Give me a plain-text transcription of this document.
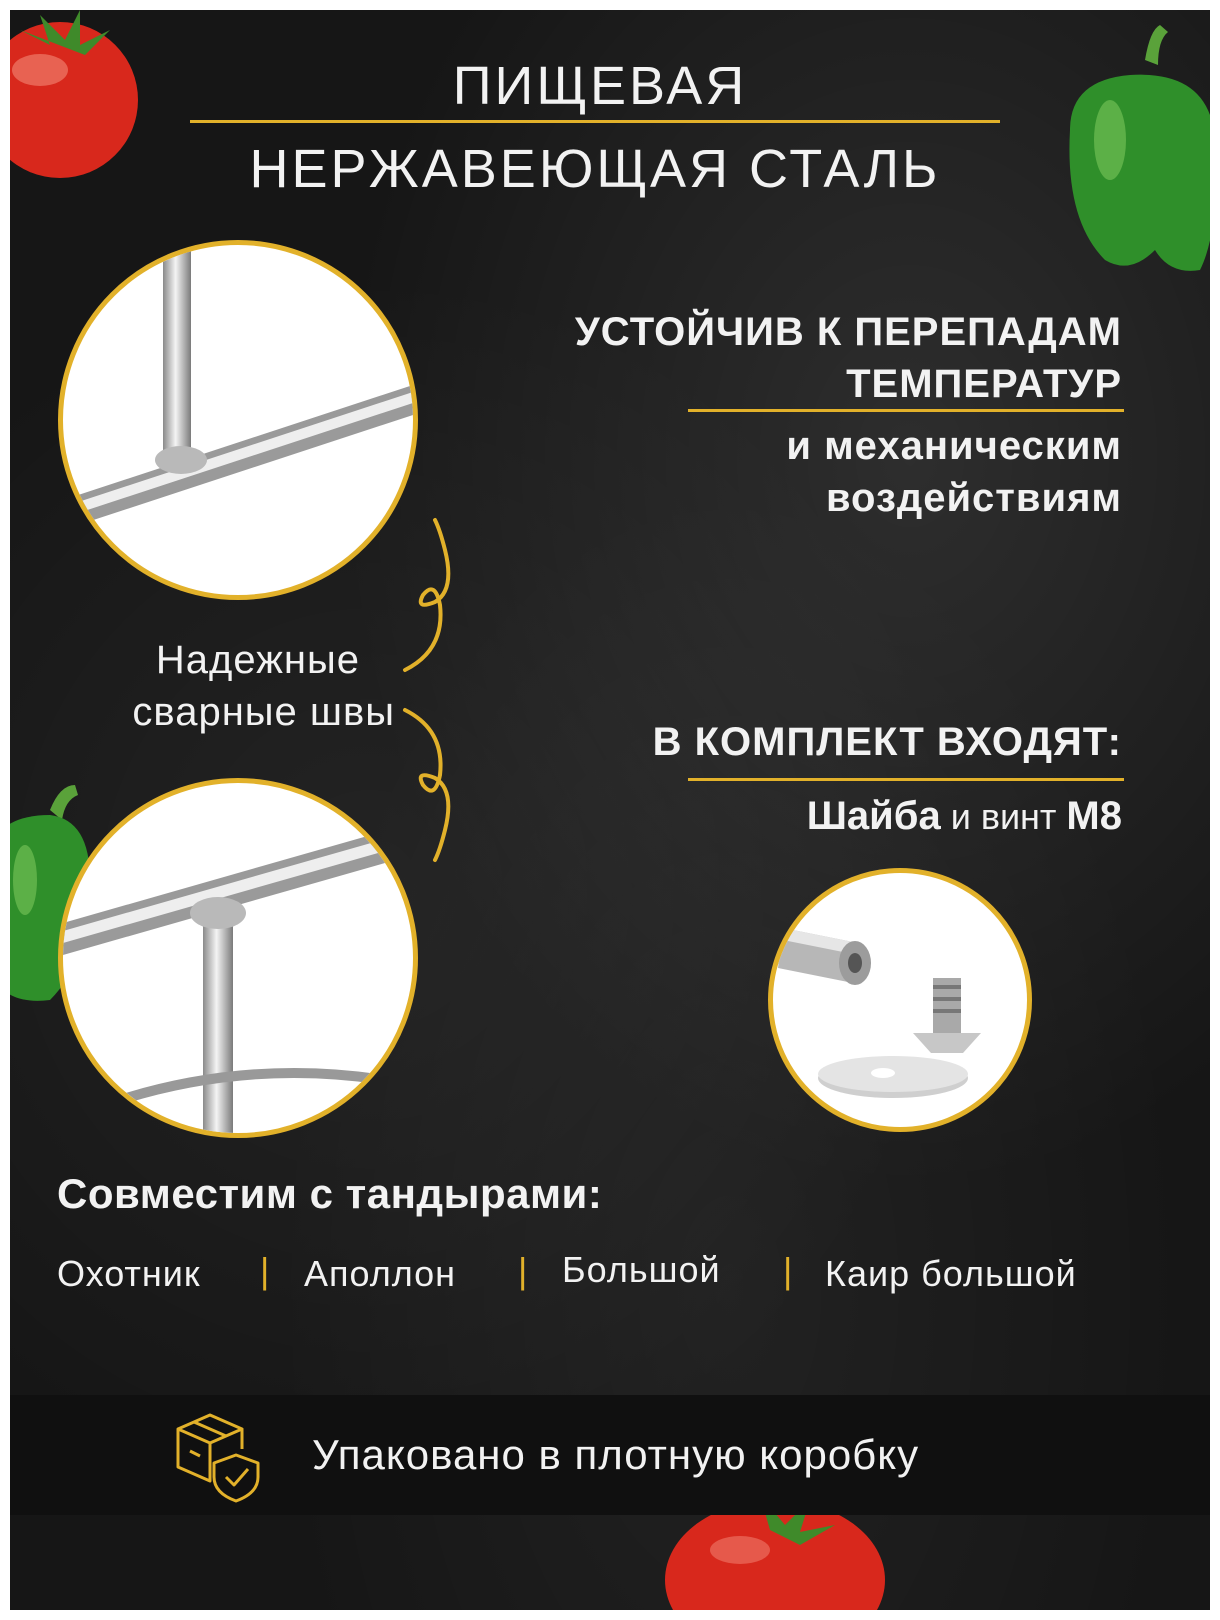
ПИЩЕВАЯ
НЕРЖАВЕЮЩАЯ СТАЛЬ
УСТОЙЧИВ К ПЕРЕПАДАМ
ТЕМПЕРАТУР
и механическим
воздействиям
Надежные
сварные швы
В КОМПЛЕКТ ВХОДЯТ:
Шайба и винт М8
Совместим с тандырами:
Охотник | Аполлон | Большой | Каир большой
Упаковано в плотную коробку
